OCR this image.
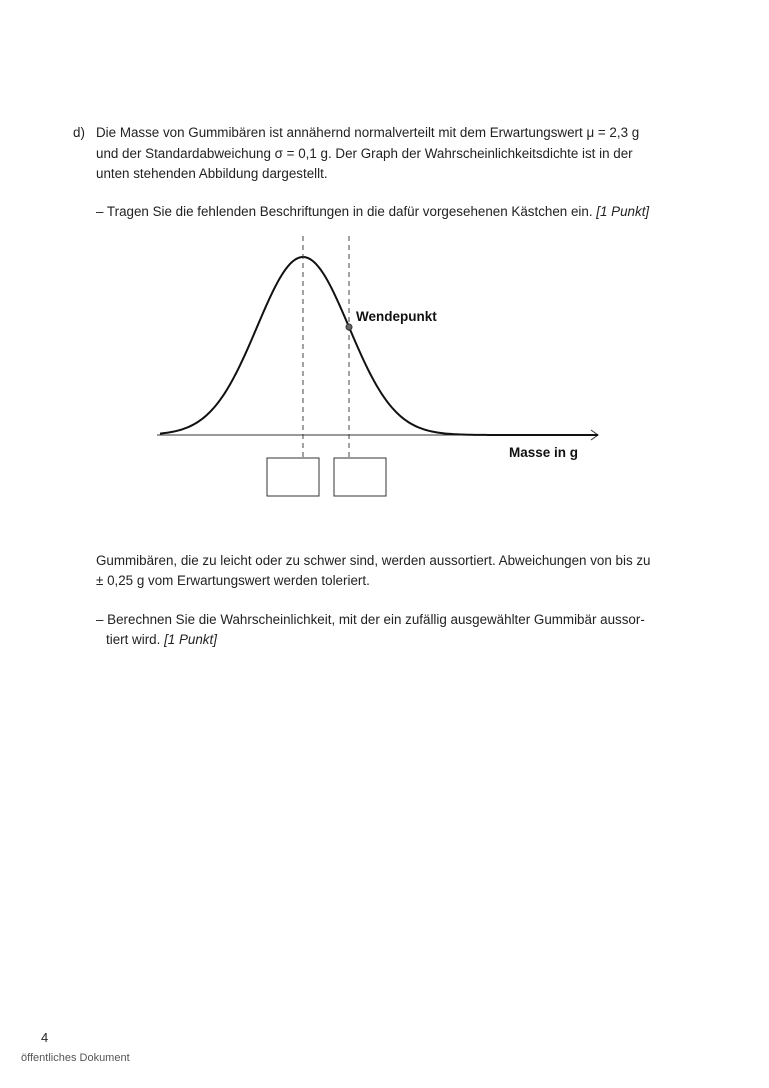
d) Die Masse von Gummibären ist annähernd normalverteilt mit dem Erwartungswert μ = 2,3 g
und der Standardabweichung σ = 0,1 g. Der Graph der Wahrscheinlichkeitsdichte ist in der
unten stehenden Abbildung dargestellt.
– Tragen Sie die fehlenden Beschriftungen in die dafür vorgesehenen Kästchen ein. [1 Punkt]
Wendepunkt
Masse in g
Gummibären, die zu leicht oder zu schwer sind, werden aussortiert. Abweichungen von bis zu
± 0,25 g vom Erwartungswert werden toleriert.
– Berechnen Sie die Wahrscheinlichkeit, mit der ein zufällig ausgewählter Gummibär aussor-
tiert wird. [1 Punkt]
4
öffentliches Dokument
